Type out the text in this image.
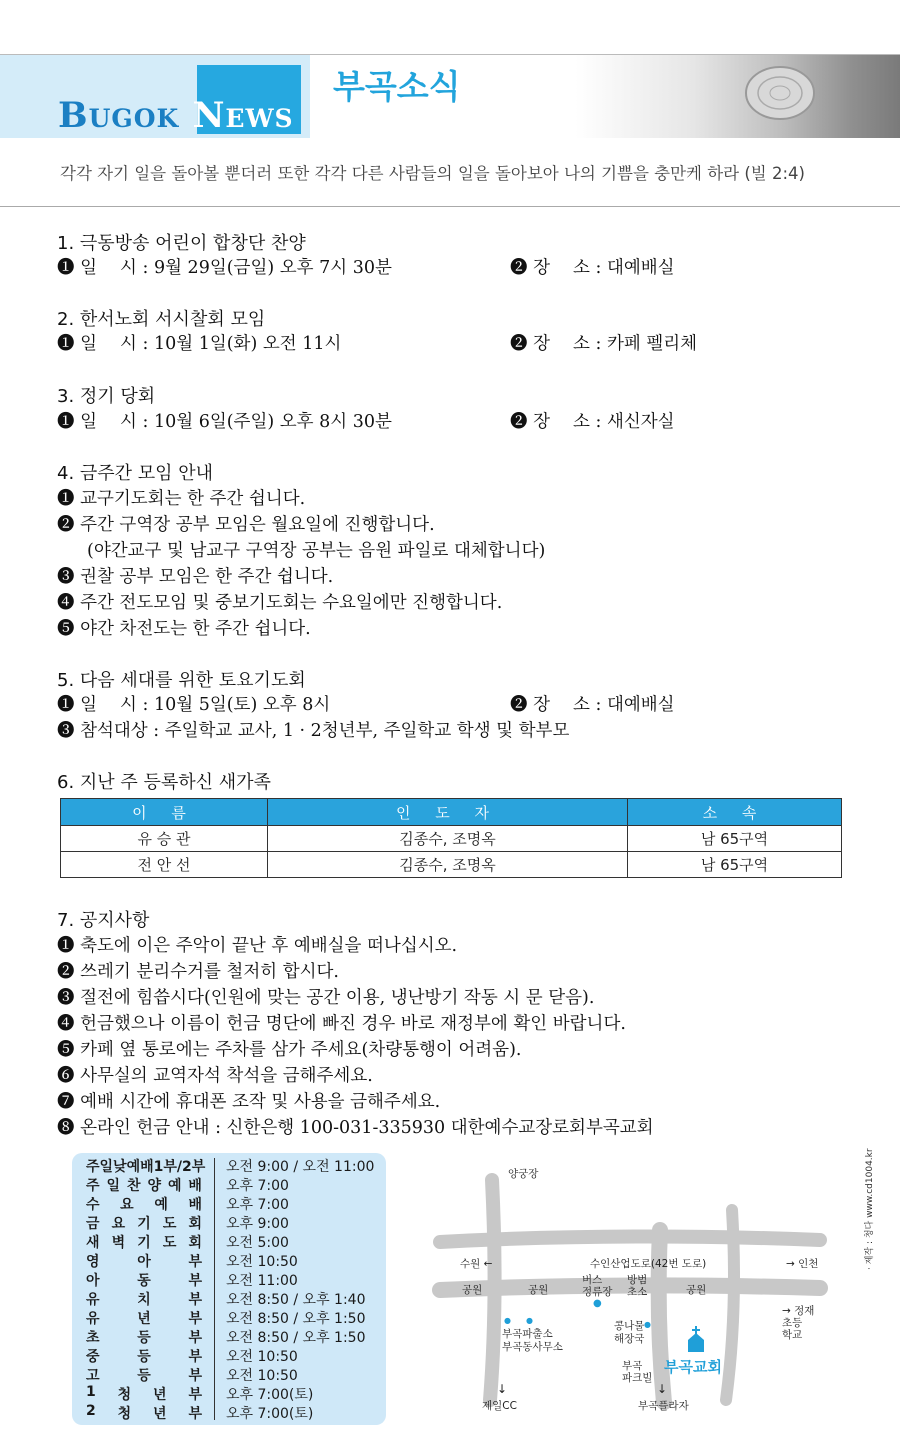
Bugok News
부곡소식
각각 자기 일을 돌아볼 뿐더러 또한 각각 다른 사람들의 일을 돌아보아 나의 기쁨을 충만케 하라 (빌 2:4)
1. 극동방송 어린이 합창단 찬양
❶ 일　 시 : 9월 29일(금일) 오후 7시 30분	❷ 장　 소 : 대예배실
2. 한서노회 서시찰회 모임
❶ 일　 시 : 10월 1일(화) 오전 11시	❷ 장　 소 : 카페 펠리체
3. 정기 당회
❶ 일　 시 : 10월 6일(주일) 오후 8시 30분	❷ 장　 소 : 새신자실
4. 금주간 모임 안내
❶ 교구기도회는 한 주간 쉽니다.
❷ 주간 구역장 공부 모임은 월요일에 진행합니다.
(야간교구 및 남교구 구역장 공부는 음원 파일로 대체합니다)
❸ 권찰 공부 모임은 한 주간 쉽니다.
❹ 주간 전도모임 및 중보기도회는 수요일에만 진행합니다.
❺ 야간 차전도는 한 주간 쉽니다.
5. 다음 세대를 위한 토요기도회
❶ 일　 시 : 10월 5일(토) 오후 8시	❷ 장　 소 : 대예배실
❸ 참석대상 : 주일학교 교사, 1 · 2청년부, 주일학교 학생 및 학부모
6. 지난 주 등록하신 새가족
이 름	인 도 자	소 속
유 승 관	김종수, 조명옥	남 65구역
전 안 선	김종수, 조명옥	남 65구역
7. 공지사항
❶ 축도에 이은 주악이 끝난 후 예배실을 떠나십시오.
❷ 쓰레기 분리수거를 철저히 합시다.
❸ 절전에 힘씁시다(인원에 맞는 공간 이용, 냉난방기 작동 시 문 닫음).
❹ 헌금했으나 이름이 헌금 명단에 빠진 경우 바로 재정부에 확인 바랍니다.
❺ 카페 옆 통로에는 주차를 삼가 주세요(차량통행이 어려움).
❻ 사무실의 교역자석 착석을 금해주세요.
❼ 예배 시간에 휴대폰 조작 및 사용을 금해주세요.
❽ 온라인 헌금 안내 : 신한은행 100-031-335930 대한예수교장로회부곡교회
주일낮예배1부/2부 오전 9:00 / 오전 11:00
주 일 찬 양 예 배 오후 7:00
수 요 예 배 오후 7:00
금 요 기 도 회 오후 9:00
새 벽 기 도 회 오전 5:00
영	아	부 오전 10:50
아	동	부 오전 11:00
유	치	부 오전 8:50 / 오후 1:40
유	년	부 오전 8:50 / 오후 1:50
초	등	부 오전 8:50 / 오후 1:50
중	등	부 오전 10:50
고	등	부 오전 10:50
1 청 년 부 오후 7:00(토)
2 청 년 부 오후 7:00(토)
양궁장
수원 ←	수인산업도로(42번 도로)	→ 인천
공원	공원
버스
정류장
방범
초소	공원
→ 정재
초등
학교
부곡파출소
부곡동사무소
콩나물
해장국
부곡교회
부곡
파크빌
제일CC	부곡플라자
↓	↓
●
● ●	●
· 제작 : 청다 www.cd1004.kr
